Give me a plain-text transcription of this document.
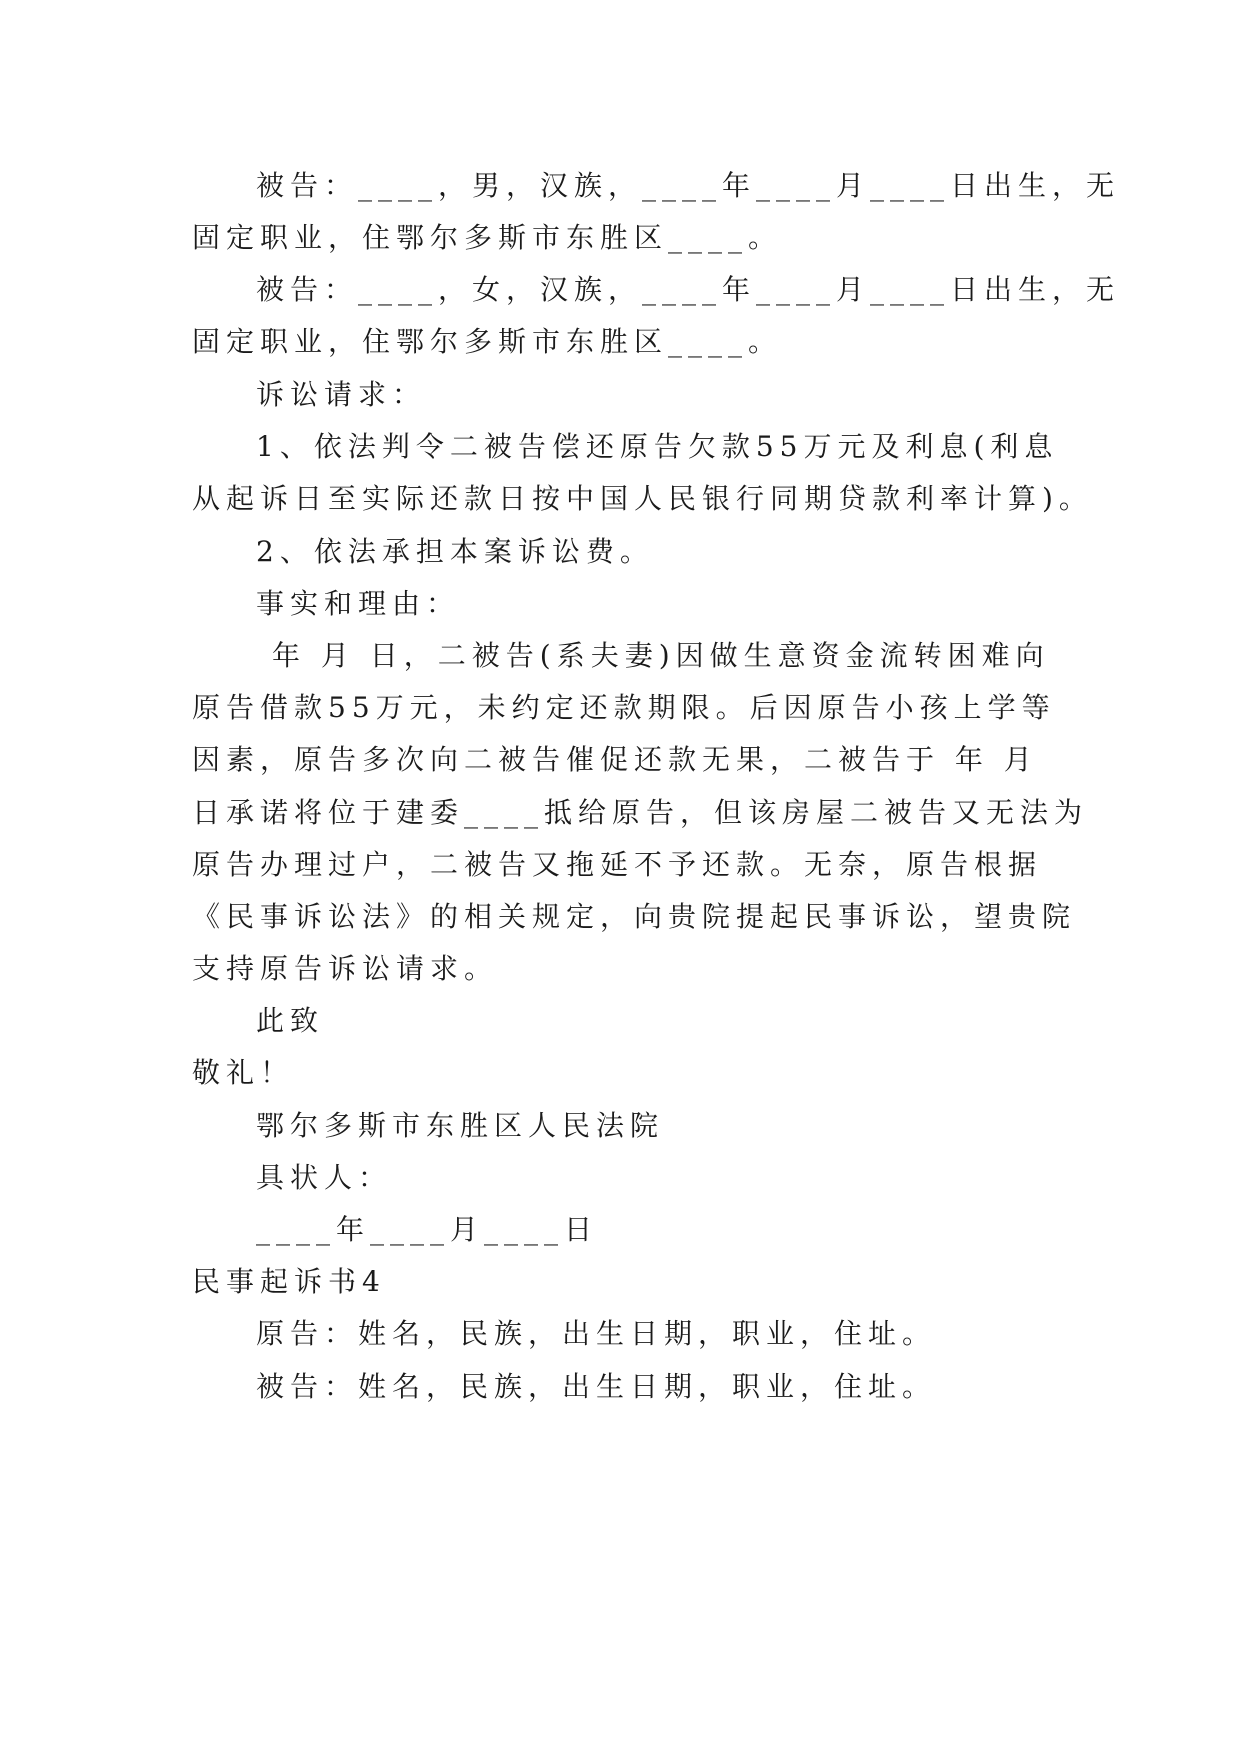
被告：____，男，汉族，____年____月____日出生，无
固定职业，住鄂尔多斯市东胜区____。
被告：____，女，汉族，____年____月____日出生，无
固定职业，住鄂尔多斯市东胜区____。
诉讼请求：
1、依法判令二被告偿还原告欠款55万元及利息(利息
从起诉日至实际还款日按中国人民银行同期贷款利率计算)。
2、依法承担本案诉讼费。
事实和理由：
年 月 日，二被告(系夫妻)因做生意资金流转困难向
原告借款55万元，未约定还款期限。后因原告小孩上学等
因素，原告多次向二被告催促还款无果，二被告于 年 月
日承诺将位于建委____抵给原告，但该房屋二被告又无法为
原告办理过户，二被告又拖延不予还款。无奈，原告根据
《民事诉讼法》的相关规定，向贵院提起民事诉讼，望贵院
支持原告诉讼请求。
此致
敬礼！
鄂尔多斯市东胜区人民法院
具状人：
____年____月____日
民事起诉书4
原告：姓名，民族，出生日期，职业，住址。
被告：姓名，民族，出生日期，职业，住址。
